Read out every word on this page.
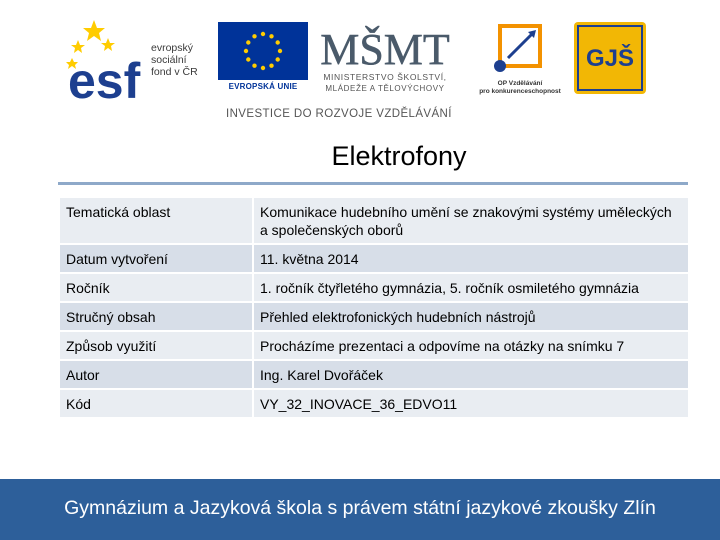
esf
evropský
sociální
fond v ČR
EVROPSKÁ UNIE
MŠMT
MINISTERSTVO ŠKOLSTVÍ,
MLÁDEŽE A TĚLOVÝCHOVY
OP Vzdělávání
pro konkurenceschopnost
GJŠ
INVESTICE DO ROZVOJE VZDĚLÁVÁNÍ
Elektrofony
Tematická oblast	Komunikace hudebního umění se znakovými systémy uměleckých a společenských oborů
Datum vytvoření	11. května 2014
Ročník	1. ročník čtyřletého gymnázia, 5. ročník osmiletého gymnázia
Stručný obsah	Přehled elektrofonických hudebních nástrojů
Způsob využití	Procházíme prezentaci a odpovíme na otázky na snímku 7
Autor	Ing. Karel Dvořáček
Kód	VY_32_INOVACE_36_EDVO11
Gymnázium a Jazyková škola s právem státní jazykové zkoušky Zlín
